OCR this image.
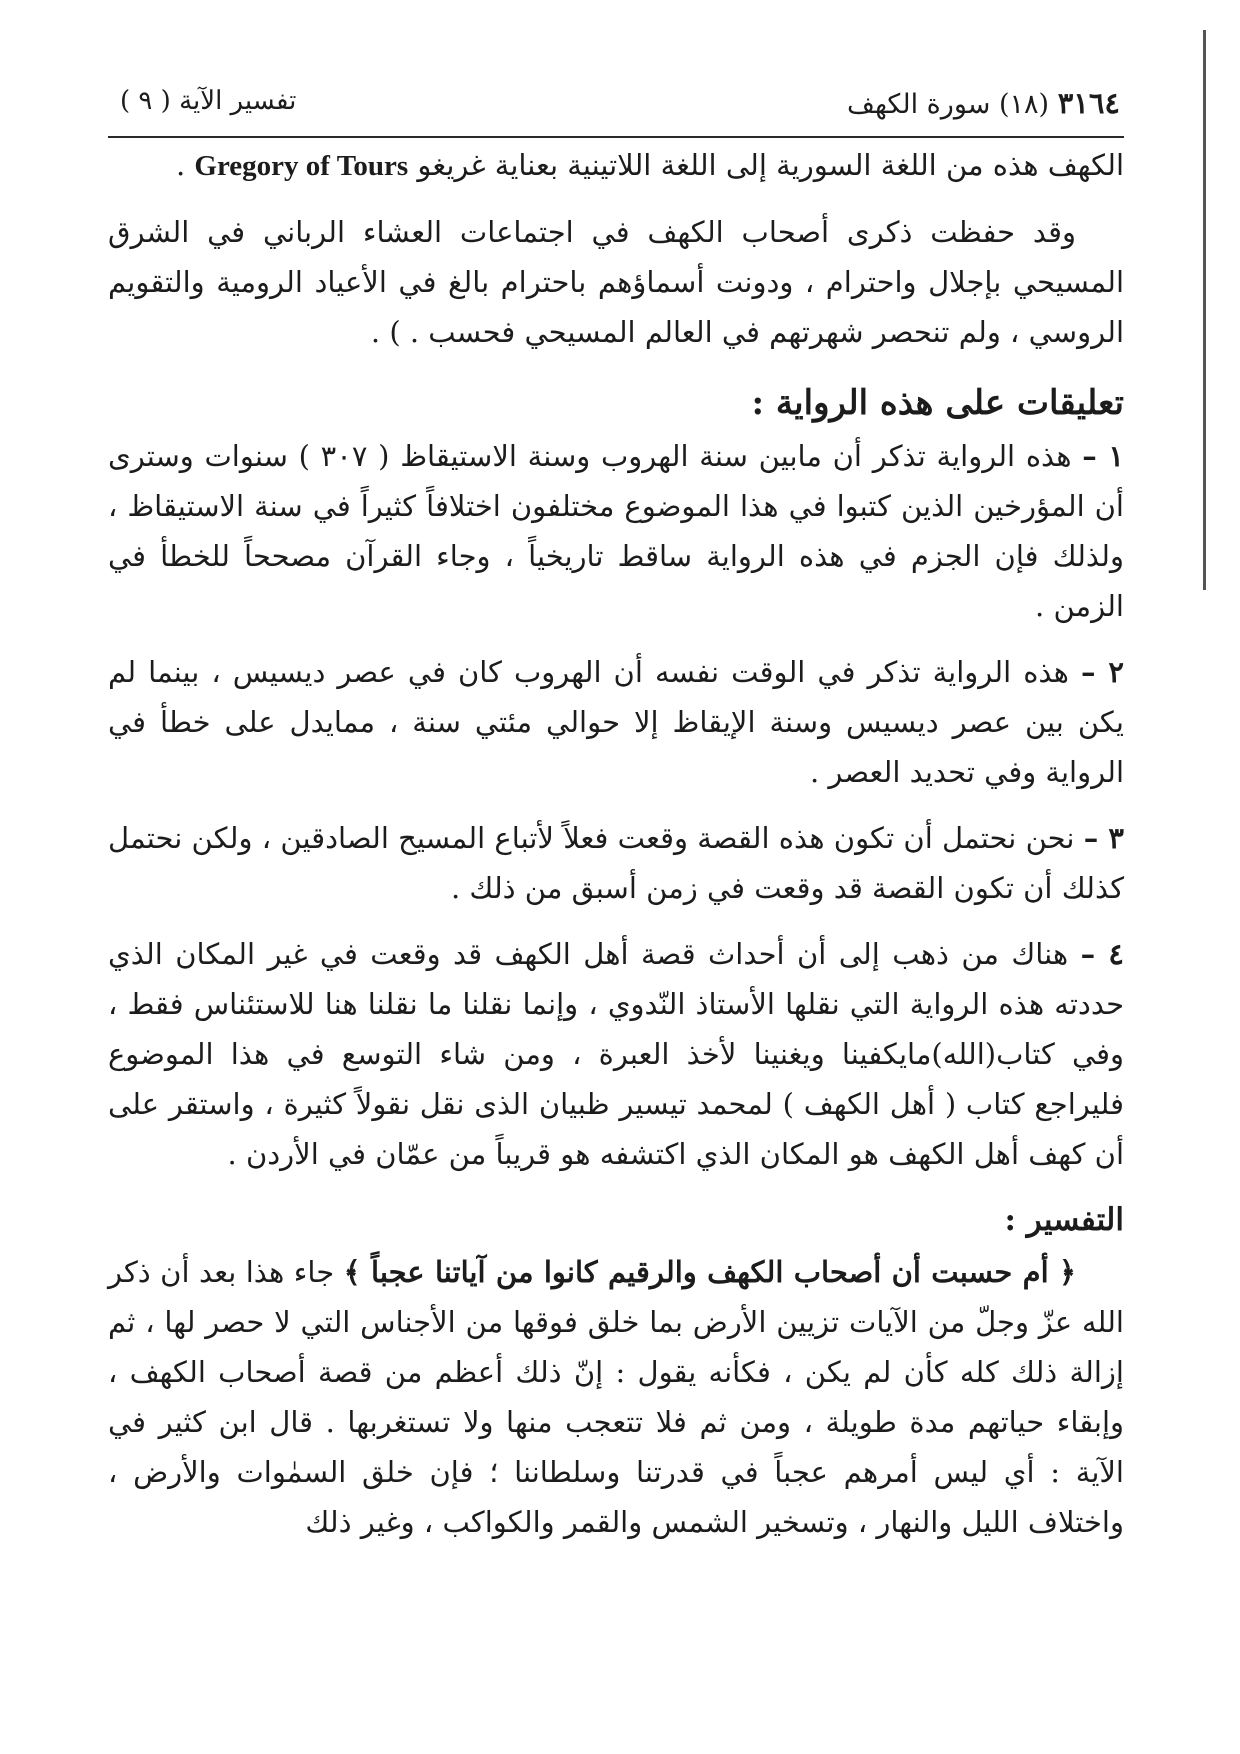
٣١٦٤ (١٨) سورة الكهف
تفسير الآية ( ٩ )

الكهف هذه من اللغة السورية إلى اللغة اللاتينية بعناية غريغو Gregory of Tours .

وقد حفظت ذكرى أصحاب الكهف في اجتماعات العشاء الرباني في الشرق المسيحي بإجلال واحترام ، ودونت أسماؤهم باحترام بالغ في الأعياد الرومية والتقويم الروسي ، ولم تنحصر شهرتهم في العالم المسيحي فحسب . ) .

تعليقات على هذه الرواية :

١ – هذه الرواية تذكر أن مابين سنة الهروب وسنة الاستيقاظ ( ٣٠٧ ) سنوات وسترى أن المؤرخين الذين كتبوا في هذا الموضوع مختلفون اختلافاً كثيراً في سنة الاستيقاظ ، ولذلك فإن الجزم في هذه الرواية ساقط تاريخياً ، وجاء القرآن مصححاً للخطأ في الزمن .

٢ – هذه الرواية تذكر في الوقت نفسه أن الهروب كان في عصر ديسيس ، بينما لم يكن بين عصر ديسيس وسنة الإيقاظ إلا حوالي مئتي سنة ، ممايدل على خطأ في الرواية وفي تحديد العصر .

٣ – نحن نحتمل أن تكون هذه القصة وقعت فعلاً لأتباع المسيح الصادقين ، ولكن نحتمل كذلك أن تكون القصة قد وقعت في زمن أسبق من ذلك .

٤ – هناك من ذهب إلى أن أحداث قصة أهل الكهف قد وقعت في غير المكان الذي حددته هذه الرواية التي نقلها الأستاذ النّدوي ، وإنما نقلنا ما نقلنا هنا للاستئناس فقط ، وفي كتاب(الله)مايكفينا ويغنينا لأخذ العبرة ، ومن شاء التوسع في هذا الموضوع فليراجع كتاب ( أهل الكهف ) لمحمد تيسير ظبيان الذى نقل نقولاً كثيرة ، واستقر على أن كهف أهل الكهف هو المكان الذي اكتشفه هو قريباً من عمّان في الأردن .

التفسير :

﴿ أم حسبت أن أصحاب الكهف والرقيم كانوا من آياتنا عجباً ﴾ جاء هذا بعد أن ذكر الله عزّ وجلّ من الآيات تزيين الأرض بما خلق فوقها من الأجناس التي لا حصر لها ، ثم إزالة ذلك كله كأن لم يكن ، فكأنه يقول : إنّ ذلك أعظم من قصة أصحاب الكهف ، وإبقاء حياتهم مدة طويلة ، ومن ثم فلا تتعجب منها ولا تستغربها . قال ابن كثير في الآية : أي ليس أمرهم عجباً في قدرتنا وسلطاننا ؛ فإن خلق السمٰوات والأرض ، واختلاف الليل والنهار ، وتسخير الشمس والقمر والكواكب ، وغير ذلك
